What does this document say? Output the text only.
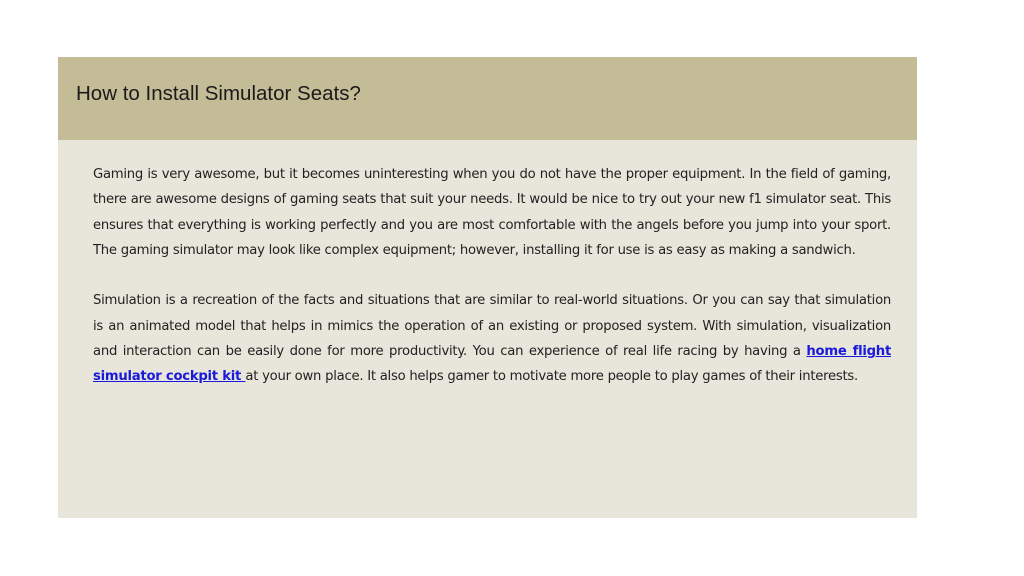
How to Install Simulator Seats?

Gaming is very awesome, but it becomes uninteresting when you do not have the proper equipment. In the field of gaming, there are awesome designs of gaming seats that suit your needs. It would be nice to try out your new f1 simulator seat. This ensures that everything is working perfectly and you are most comfortable with the angels before you jump into your sport. The gaming simulator may look like complex equipment; however, installing it for use is as easy as making a sandwich.

Simulation is a recreation of the facts and situations that are similar to real-world situations. Or you can say that simulation is an animated model that helps in mimics the operation of an existing or proposed system. With simulation, visualization and interaction can be easily done for more productivity. You can experience of real life racing by having a home flight simulator cockpit kit at your own place. It also helps gamer to motivate more people to play games of their interests.
